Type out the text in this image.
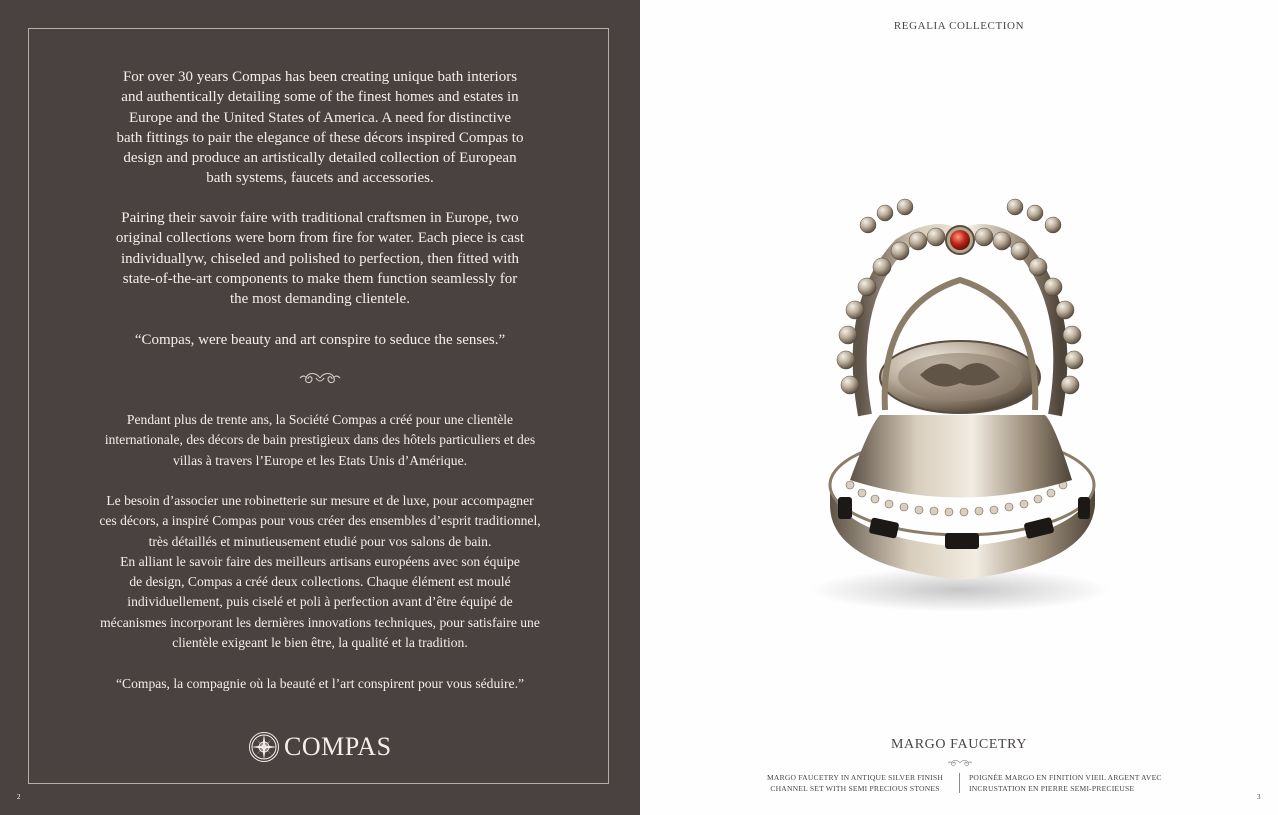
For over 30 years Compas has been creating unique bath interiors
and authentically detailing some of the finest homes and estates in
Europe and the United States of America. A need for distinctive
bath fittings to pair the elegance of these décors inspired Compas to
design and produce an artistically detailed collection of European
bath systems, faucets and accessories.
Pairing their savoir faire with traditional craftsmen in Europe, two
original collections were born from fire for water. Each piece is cast
individuallyw, chiseled and polished to perfection, then fitted with
state-of-the-art components to make them function seamlessly for
the most demanding clientele.
“Compas, were beauty and art conspire to seduce the senses.”
Pendant plus de trente ans, la Société Compas a créé pour une clientèle
internationale, des décors de bain prestigieux dans des hôtels particuliers et des
villas à travers l’Europe et les Etats Unis d’Amérique.
Le besoin d’associer une robinetterie sur mesure et de luxe, pour accompagner
ces décors, a inspiré Compas pour vous créer des ensembles d’esprit traditionnel,
très détaillés et minutieusement etudié pour vos salons de bain.
En alliant le savoir faire des meilleurs artisans européens avec son équipe
de design, Compas a créé deux collections. Chaque élément est moulé
individuellement, puis ciselé et poli à perfection avant d’être équipé de
mécanismes incorporant les dernières innovations techniques, pour satisfaire une
clientèle exigeant le bien être, la qualité et la tradition.
“Compas, la compagnie où la beauté et l’art conspirent pour vous séduire.”
COMPAS
2
REGALIA COLLECTION
MARGO FAUCETRY
MARGO FAUCETRY IN ANTIQUE SILVER FINISH
CHANNEL SET WITH SEMI PRECIOUS STONES
POIGNÉE MARGO EN FINITION VIEIL ARGENT AVEC
INCRUSTATION EN PIERRE SEMI-PRECIEUSE
3
